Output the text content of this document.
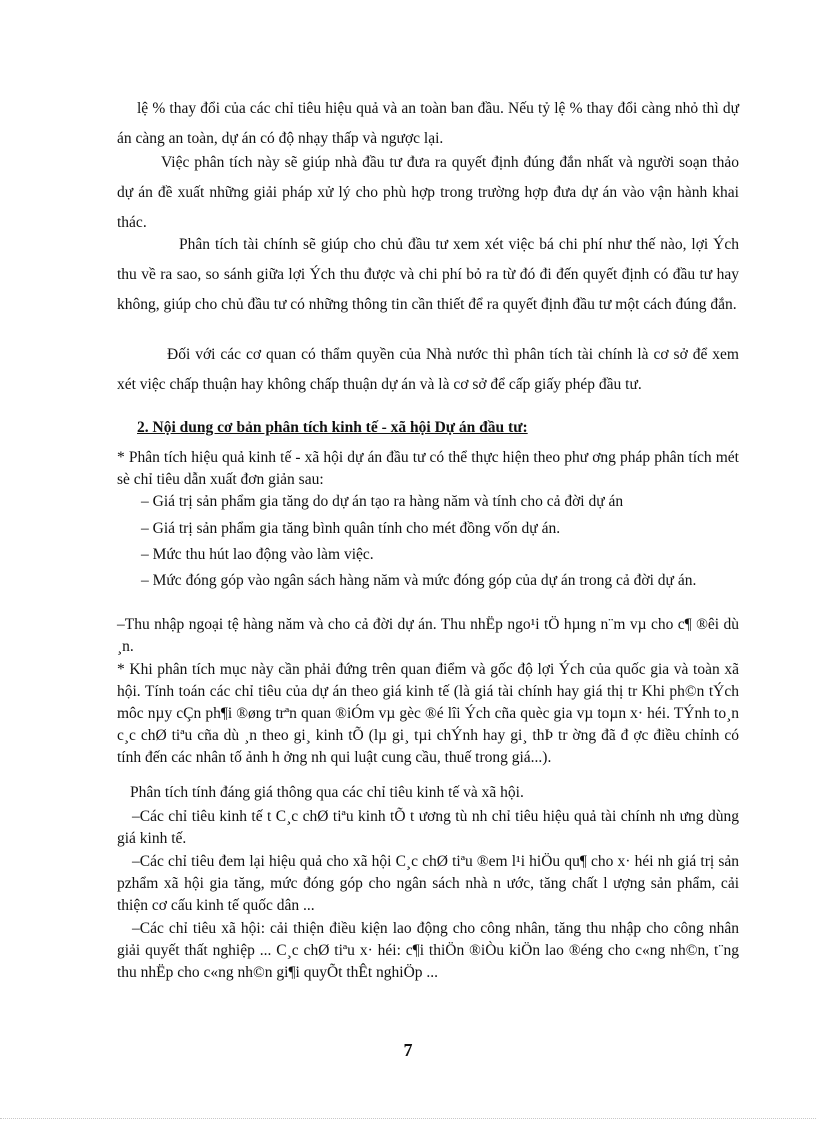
lệ % thay đổi của các chỉ tiêu hiệu quả và an toàn ban đầu. Nếu tỷ lệ % thay đổi càng nhỏ thì dự án càng an toàn, dự án có độ nhạy thấp và ngược lại.

Việc phân tích này sẽ giúp nhà đầu tư đưa ra quyết định đúng đắn nhất và người soạn thảo dự án đề xuất những giải pháp xử lý cho phù hợp trong trường hợp đưa dự án vào vận hành khai thác.

Phân tích tài chính sẽ giúp cho chủ đầu tư xem xét việc bá chi phí như thế nào, lợi Ých thu về ra sao, so sánh giữa lợi Ých thu được và chi phí bỏ ra từ đó đi đến quyết định có đầu tư hay không, giúp cho chủ đầu tư có những thông tin cần thiết để ra quyết định đầu tư một cách đúng đắn.

Đối với các cơ quan có thẩm quyền của Nhà nước thì phân tích tài chính là cơ sở để xem xét việc chấp thuận hay không chấp thuận dự án và là cơ sở để cấp giấy phép đầu tư.

2. Nội dung cơ bản phân tích kinh tế - xã hội Dự án đầu tư:

* Phân tích hiệu quả kinh tế - xã hội dự án đầu tư có thể thực hiện theo phư ơng pháp phân tích mét sè chỉ tiêu dẫn xuất đơn giản sau:

– Giá trị sản phẩm gia tăng do dự án tạo ra hàng năm và tính cho cả đời dự án

– Giá trị sản phẩm gia tăng bình quân tính cho mét đồng vốn dự án.

– Mức thu hút lao động vào làm việc.

– Mức đóng góp vào ngân sách hàng năm và mức đóng góp của dự án trong cả đời dự án.

–Thu nhập ngoại tệ hàng năm và cho cả đời dự án. Thu nhËp ngo¹i tÖ hµng n¨m vµ cho c¶ ®êi dù ¸n.

* Khi phân tích mục này cần phải đứng trên quan điểm và gốc độ lợi Ých của quốc gia và toàn xã hội. Tính toán các chỉ tiêu của dự án theo giá kinh tế (là giá tài chính hay giá thị tr Khi ph©n tÝch môc nµy cÇn ph¶i ®øng trªn quan ®iÓm vµ gèc ®é lîi Ých cña quèc gia vµ toµn x· héi. TÝnh to¸n c¸c chØ tiªu cña dù ¸n theo gi¸ kinh tÕ (lµ gi¸ tµi chÝnh hay gi¸ thÞ tr ờng đã đ ợc điều chỉnh có tính đến các nhân tố ảnh h ởng nh qui luật cung cầu, thuế trong giá...).

Phân tích tính đáng giá thông qua các chỉ tiêu kinh tế và xã hội.

–Các chỉ tiêu kinh tế t C¸c chØ tiªu kinh tÕ t ương tù nh chỉ tiêu hiệu quả tài chính nh ưng dùng giá kinh tế.

–Các chỉ tiêu đem lại hiệu quả cho xã hội C¸c chØ tiªu ®em l¹i hiÖu qu¶ cho x· héi nh giá trị sản pzhẩm xã hội gia tăng, mức đóng góp cho ngân sách nhà n ước, tăng chất l ượng sản phẩm, cải thiện cơ cấu kinh tế quốc dân ...

–Các chỉ tiêu xã hội: cải thiện điều kiện lao động cho công nhân, tăng thu nhập cho công nhân giải quyết thất nghiệp ... C¸c chØ tiªu x· héi: c¶i thiÖn ®iÒu kiÖn lao ®éng cho c«ng nh©n, t¨ng thu nhËp cho c«ng nh©n gi¶i quyÕt thÊt nghiÖp ...

7
